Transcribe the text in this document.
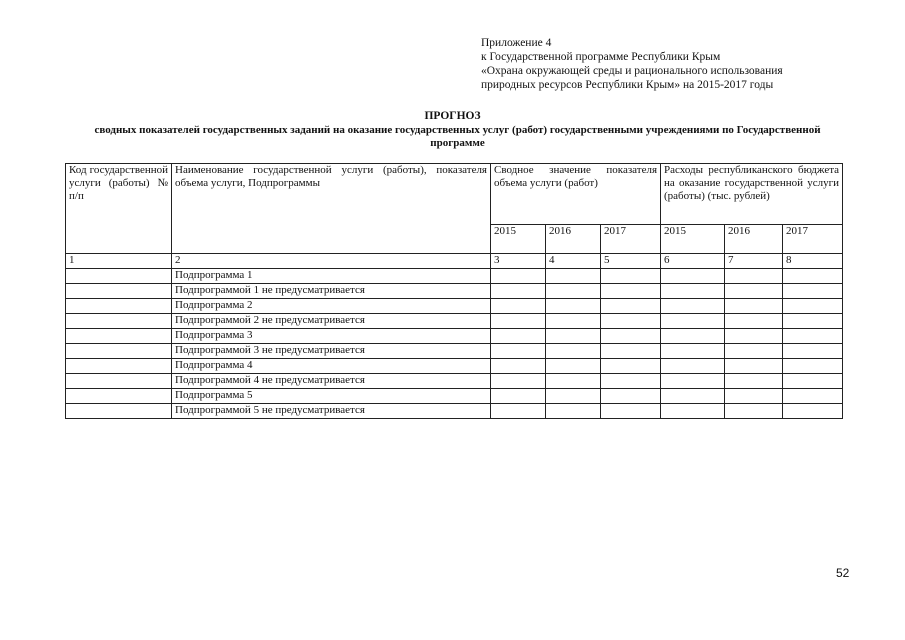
Приложение 4
к Государственной программе Республики Крым
«Охрана окружающей среды и рационального использования
природных ресурсов Республики Крым» на 2015-2017 годы
ПРОГНОЗ
сводных показателей государственных заданий на оказание государственных услуг (работ) государственными учреждениями по Государственной программе
Код государственной услуги (работы) № п/п	Наименование государственной услуги (работы), показателя объема услуги, Подпрограммы	Сводное значение показателя объема услуги (работ)			Расходы республиканского бюджета на оказание государственной услуги (работы) (тыс. рублей)		
		2015	2016	2017	2015	2016	2017
1	2	3	4	5	6	7	8
	Подпрограмма 1						
	Подпрограммой 1 не предусматривается						
	Подпрограмма 2						
	Подпрограммой 2 не предусматривается						
	Подпрограмма 3						
	Подпрограммой 3 не предусматривается						
	Подпрограмма 4						
	Подпрограммой 4 не предусматривается						
	Подпрограмма 5						
	Подпрограммой 5 не предусматривается						
52
